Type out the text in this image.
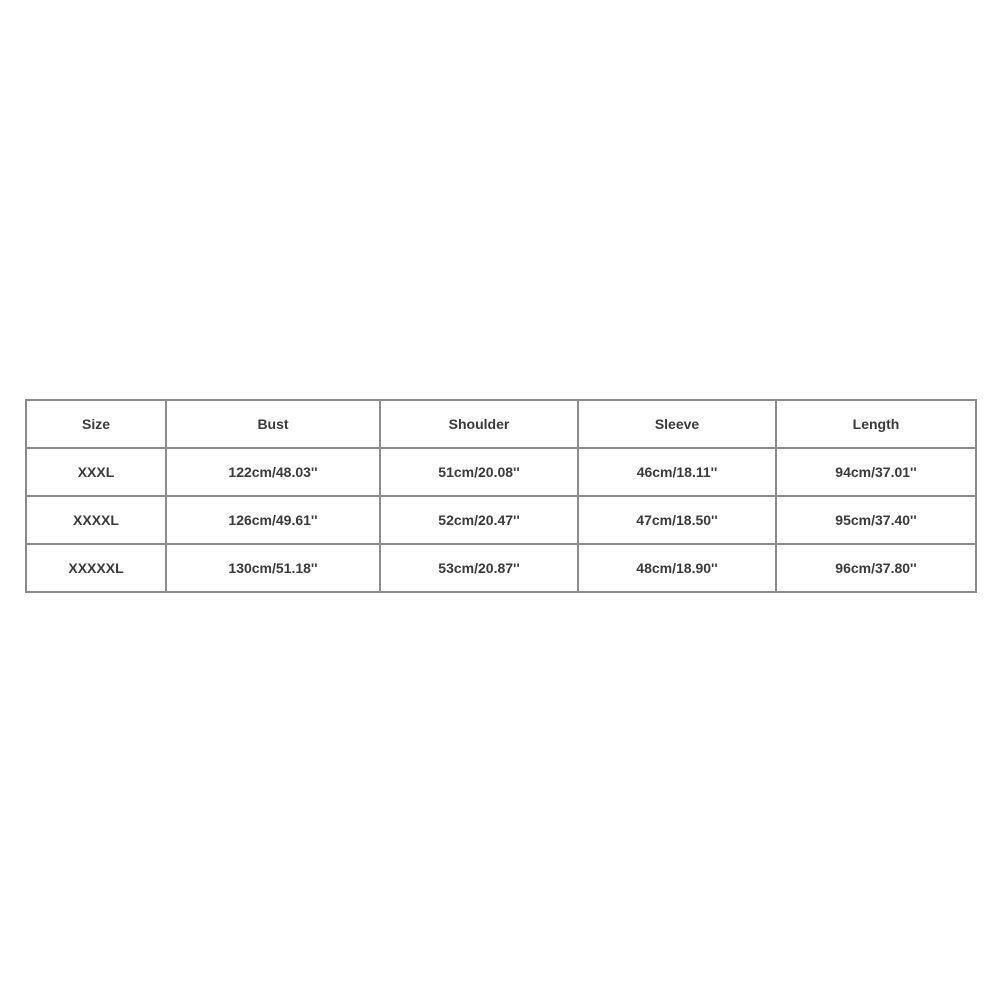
Size	Bust	Shoulder	Sleeve	Length
XXXL	122cm/48.03''	51cm/20.08''	46cm/18.11''	94cm/37.01''
XXXXL	126cm/49.61''	52cm/20.47''	47cm/18.50''	95cm/37.40''
XXXXXL	130cm/51.18''	53cm/20.87''	48cm/18.90''	96cm/37.80''
